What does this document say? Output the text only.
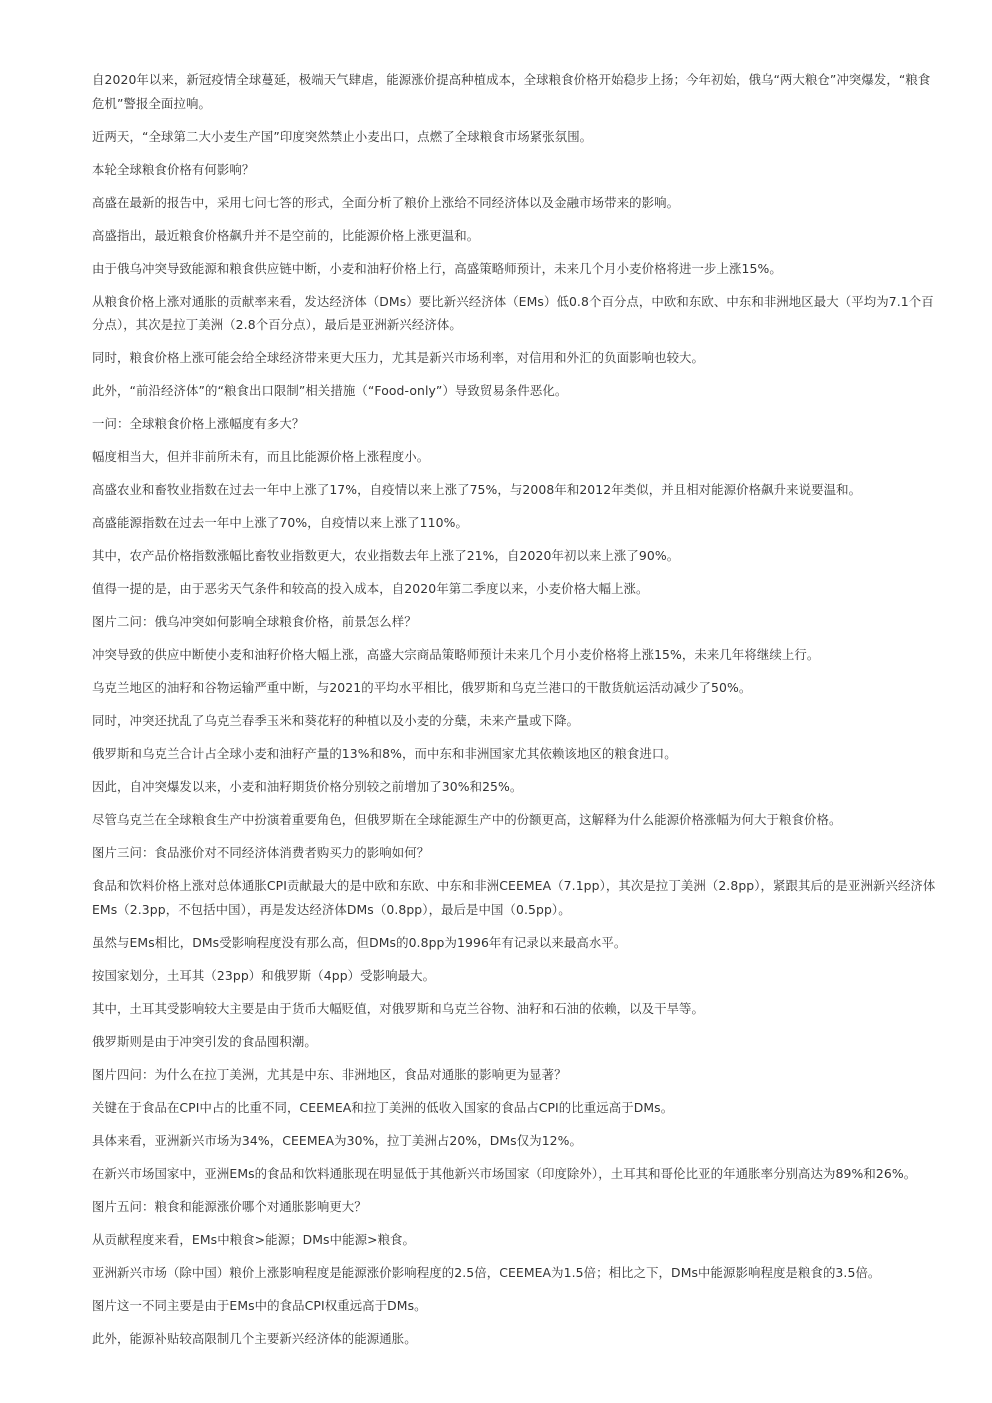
自2020年以来，新冠疫情全球蔓延，极端天气肆虐，能源涨价提高种植成本，全球粮食价格开始稳步上扬；今年初始，俄乌“两大粮仓”冲突爆发，“粮食危机”警报全面拉响。

近两天，“全球第二大小麦生产国”印度突然禁止小麦出口，点燃了全球粮食市场紧张氛围。

本轮全球粮食价格有何影响？

高盛在最新的报告中，采用七问七答的形式，全面分析了粮价上涨给不同经济体以及金融市场带来的影响。

高盛指出，最近粮食价格飙升并不是空前的，比能源价格上涨更温和。

由于俄乌冲突导致能源和粮食供应链中断，小麦和油籽价格上行，高盛策略师预计，未来几个月小麦价格将进一步上涨15%。

从粮食价格上涨对通胀的贡献率来看，发达经济体（DMs）要比新兴经济体（EMs）低0.8个百分点，中欧和东欧、中东和非洲地区最大（平均为7.1个百分点），其次是拉丁美洲（2.8个百分点），最后是亚洲新兴经济体。

同时，粮食价格上涨可能会给全球经济带来更大压力，尤其是新兴市场利率，对信用和外汇的负面影响也较大。

此外，“前沿经济体”的“粮食出口限制”相关措施（“Food-only”）导致贸易条件恶化。

一问：全球粮食价格上涨幅度有多大？

幅度相当大，但并非前所未有，而且比能源价格上涨程度小。

高盛农业和畜牧业指数在过去一年中上涨了17%，自疫情以来上涨了75%，与2008年和2012年类似，并且相对能源价格飙升来说要温和。

高盛能源指数在过去一年中上涨了70%，自疫情以来上涨了110%。

其中，农产品价格指数涨幅比畜牧业指数更大，农业指数去年上涨了21%，自2020年初以来上涨了90%。

值得一提的是，由于恶劣天气条件和较高的投入成本，自2020年第二季度以来，小麦价格大幅上涨。

图片二问：俄乌冲突如何影响全球粮食价格，前景怎么样？

冲突导致的供应中断使小麦和油籽价格大幅上涨，高盛大宗商品策略师预计未来几个月小麦价格将上涨15%，未来几年将继续上行。

乌克兰地区的油籽和谷物运输严重中断，与2021的平均水平相比，俄罗斯和乌克兰港口的干散货航运活动减少了50%。

同时，冲突还扰乱了乌克兰春季玉米和葵花籽的种植以及小麦的分蘖，未来产量或下降。

俄罗斯和乌克兰合计占全球小麦和油籽产量的13%和8%，而中东和非洲国家尤其依赖该地区的粮食进口。

因此，自冲突爆发以来，小麦和油籽期货价格分别较之前增加了30%和25%。

尽管乌克兰在全球粮食生产中扮演着重要角色，但俄罗斯在全球能源生产中的份额更高，这解释为什么能源价格涨幅为何大于粮食价格。

图片三问：食品涨价对不同经济体消费者购买力的影响如何？

食品和饮料价格上涨对总体通胀CPI贡献最大的是中欧和东欧、中东和非洲CEEMEA（7.1pp），其次是拉丁美洲（2.8pp），紧跟其后的是亚洲新兴经济体EMs（2.3pp，不包括中国），再是发达经济体DMs（0.8pp），最后是中国（0.5pp）。

虽然与EMs相比，DMs受影响程度没有那么高，但DMs的0.8pp为1996年有记录以来最高水平。

按国家划分，土耳其（23pp）和俄罗斯（4pp）受影响最大。

其中，土耳其受影响较大主要是由于货币大幅贬值，对俄罗斯和乌克兰谷物、油籽和石油的依赖，以及干旱等。

俄罗斯则是由于冲突引发的食品囤积潮。

图片四问：为什么在拉丁美洲，尤其是中东、非洲地区，食品对通胀的影响更为显著？

关键在于食品在CPI中占的比重不同，CEEMEA和拉丁美洲的低收入国家的食品占CPI的比重远高于DMs。

具体来看，亚洲新兴市场为34%，CEEMEA为30%，拉丁美洲占20%，DMs仅为12%。

在新兴市场国家中，亚洲EMs的食品和饮料通胀现在明显低于其他新兴市场国家（印度除外），土耳其和哥伦比亚的年通胀率分别高达为89%和26%。

图片五问：粮食和能源涨价哪个对通胀影响更大？

从贡献程度来看，EMs中粮食>能源；DMs中能源>粮食。

亚洲新兴市场（除中国）粮价上涨影响程度是能源涨价影响程度的2.5倍，CEEMEA为1.5倍；相比之下，DMs中能源影响程度是粮食的3.5倍。

图片这一不同主要是由于EMs中的食品CPI权重远高于DMs。

此外，能源补贴较高限制几个主要新兴经济体的能源通胀。
